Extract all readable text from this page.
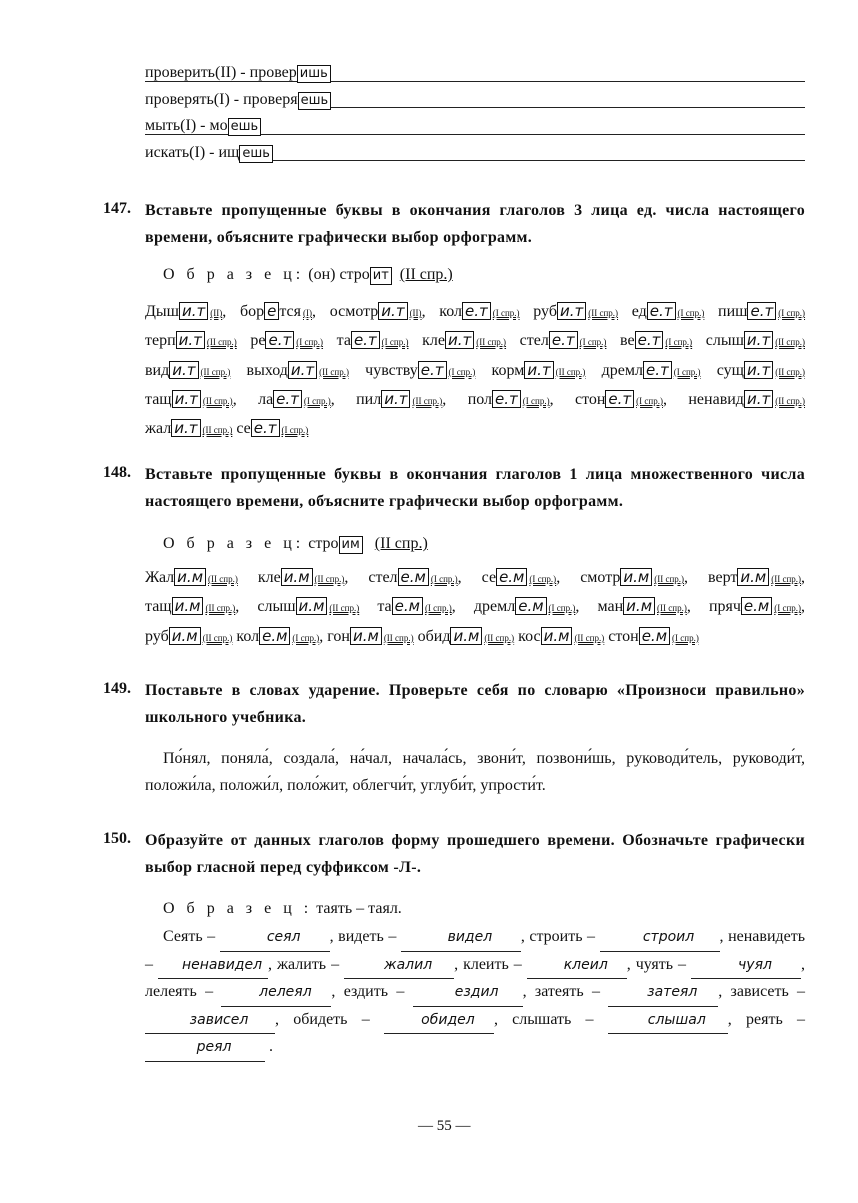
проверить(II) - провер ишь
проверять(I) - проверя ешь
мыть(I) - мо ешь
искать(I) - ищ ешь
147. Вставьте пропущенные буквы в окончания глаголов 3 лица ед. числа настоящего времени, объясните графически выбор орфограмм.
О б р а з е ц: (он) стро ит (II спр.)
Дыш и.т (II), бор е тся (I), осмотр и.т (II), кол е.т (I спр.) руб и.т (II спр.) ед е.т (I спр.) пиш е.т (I спр.) терп и.т (II спр.) ре е.т (I спр.) та е.т (I спр.) кле и.т (II спр.) стел е.т (I спр.) ве е.т (I спр.) слыш и.т (II спр.) вид и.т (II спр.) выход и.т (II спр.) чувству е.т (I спр.) корм и.т (II спр.) дремл е.т (I спр.) сущ и.т (II спр.) тащ и.т (II спр.), ла е.т (I спр.), пил и.т (II спр.), пол е.т (I спр.), стон е.т (I спр.), ненавид и.т (II спр.) жал и.т (II спр.) се е.т (I спр.)
148. Вставьте пропущенные буквы в окончания глаголов 1 лица множественного числа настоящего времени, объясните графически выбор орфограмм.
О б р а з е ц: стро им (II спр.)
Жал и.м (II спр.) кле и.м (II спр.), стел е.м (I спр.), се е.м (I спр.), смотр и.м (II спр.), верт и.м (II спр.), тащ и.м (II спр.), слыш и.м (II спр.) та е.м (I спр.), дремл е.м (I спр.), ман и.м (II спр.), пряч е.м (I спр.), руб и.м (II спр.) кол е.м (I спр.), гон и.м (II спр.) обид и.м (II спр.) кос и.м (II спр.) стон е.м (I спр.)
149. Поставьте в словах ударение. Проверьте себя по словарю «Произноси правильно» школьного учебника.
По́нял, поняла́, создала́, на́чал, начала́сь, звони́т, позвони́шь, руководи́тель, руководи́т, положи́ла, положи́л, поло́жит, облегчи́т, углуби́т, упрости́т.
150. Образуйте от данных глаголов форму прошедшего времени. Обозначьте графически выбор гласной перед суффиксом -Л-.
О б р а з е ц : таять – таял.
Сеять –	сеял , видеть –	видел , строить –	строил , ненавидеть – ненавидел , жалить –	жалил , клеить –	клеил , чуять –	чуял , лелеять –	лелеял , ездить –	ездил , затеять –	затеял , зависеть – зависел , обидеть –	обидел , слышать –	слышал , реять – реял .
— 55 —
